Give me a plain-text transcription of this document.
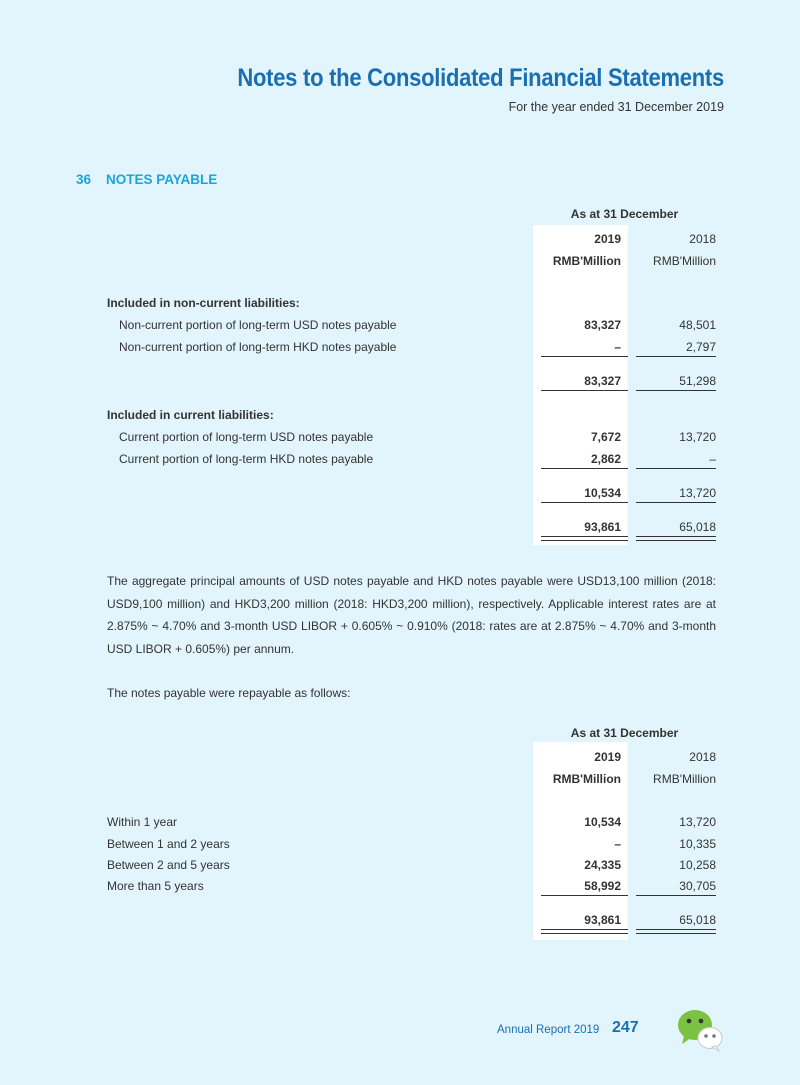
Notes to the Consolidated Financial Statements
For the year ended 31 December 2019
36 NOTES PAYABLE
As at 31 December
2019	2018
RMB'Million	RMB'Million
Included in non-current liabilities:
Non-current portion of long-term USD notes payable	83,327	48,501
Non-current portion of long-term HKD notes payable	–	2,797
83,327	51,298
Included in current liabilities:
Current portion of long-term USD notes payable	7,672	13,720
Current portion of long-term HKD notes payable	2,862	–
10,534	13,720
93,861	65,018
The aggregate principal amounts of USD notes payable and HKD notes payable were USD13,100 million (2018: USD9,100 million) and HKD3,200 million (2018: HKD3,200 million), respectively. Applicable interest rates are at 2.875% ~ 4.70% and 3-month USD LIBOR + 0.605% ~ 0.910% (2018: rates are at 2.875% ~ 4.70% and 3-month USD LIBOR + 0.605%) per annum.
The notes payable were repayable as follows:
As at 31 December
2019	2018
RMB'Million	RMB'Million
Within 1 year	10,534	13,720
Between 1 and 2 years	–	10,335
Between 2 and 5 years	24,335	10,258
More than 5 years	58,992	30,705
93,861	65,018
Annual Report 2019 247
